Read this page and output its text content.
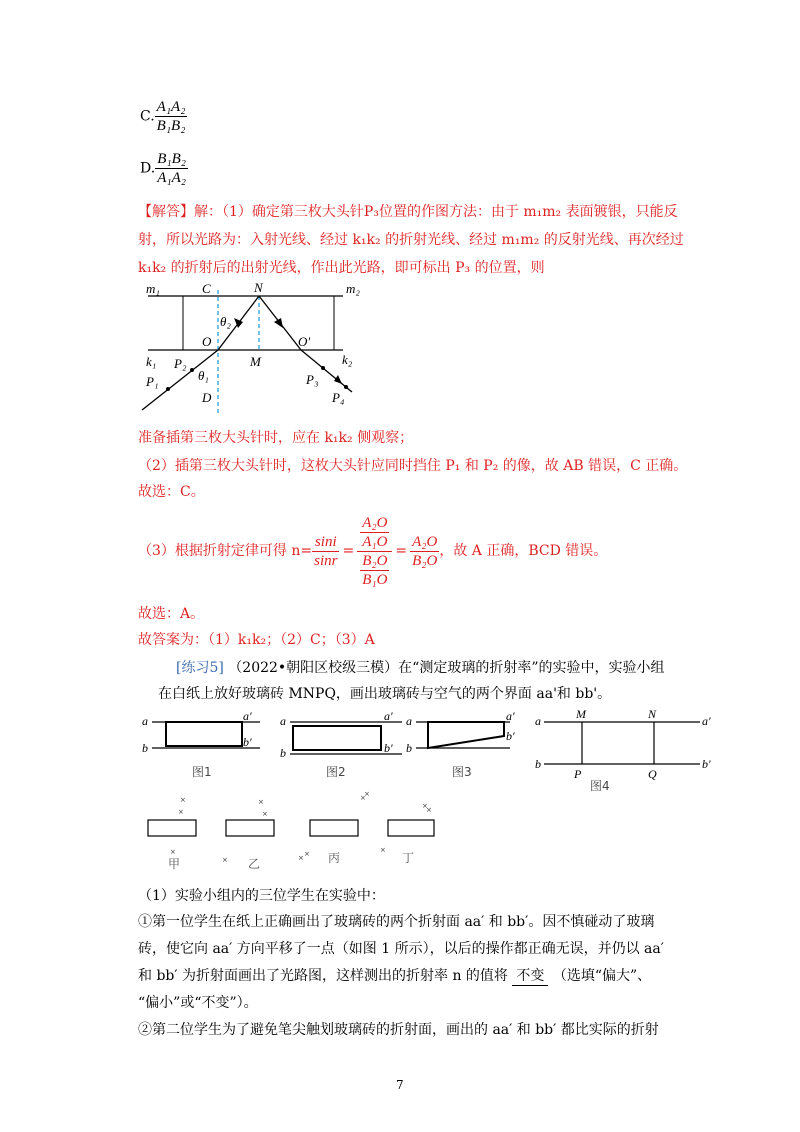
C. $\frac{\text{A₁A₂}}{\text{B₁B₂}}$
D. $\frac{\text{B₁B₂}}{\text{A₁A₂}}$
【解答】解：（1）确定第三枚大头针P₃位置的作图方法：由于 m₁m₂ 表面镀银，只能反
射，所以光路为：入射光线、经过 k₁k₂ 的折射光线、经过 m₁m₂ 的反射光线、再次经过
k₁k₂ 的折射后的出射光线，作出此光路，即可标出 P₃ 的位置，则
m₁	C	N	m₂
θ₂
O	O′
k₁ P₂	M	k₂
P₁	θ₁	P₃
D	P₄
准备插第三枚大头针时，应在 k₁k₂ 侧观察；
（2）插第三枚大头针时，这枚大头针应同时挡住 P₁ 和 P₂ 的像，故 AB 错误，C 正确。
故选：C。
（3）根据折射定律可得 $n= \frac{\sin i}{\sin r} = \frac{\frac{\text{A₂O}}{\text{A₁O}}}{\frac{\text{B₂O}}{\text{B₁O}}} = \frac{\text{A₂O}}{\text{B₂O}}$ ，故 A 正确，BCD 错误。
故选：A。
故答案为：（1）k₁k₂；（2）C；（3）A
[练习5] （2022•朝阳区校级三模）在“测定玻璃的折射率”的实验中，实验小组
在白纸上放好玻璃砖 MNPQ，画出玻璃砖与空气的两个界面 aa'和 bb'。
a	a′
b	b′
a	a′
b	b′
a	a′
b
b′
a	a′
b	b′
M	N
P	Q
图1	图2	图3
图4
×
×
×
×
×
×
× ×
×
×
×
×
×
甲	乙	丙	丁
（1）实验小组内的三位学生在实验中：
①第一位学生在纸上正确画出了玻璃砖的两个折射面 aa′ 和 bb′。因不慎碰动了玻璃
砖，使它向 aa′ 方向平移了一点（如图 1 所示），以后的操作都正确无误，并仍以 aa′
和 bb′ 为折射面画出了光路图，这样测出的折射率 n 的值将 不变 （选填“偏大”、
“偏小”或“不变”）。
②第二位学生为了避免笔尖触划玻璃砖的折射面，画出的 aa′ 和 bb′ 都比实际的折射
7
